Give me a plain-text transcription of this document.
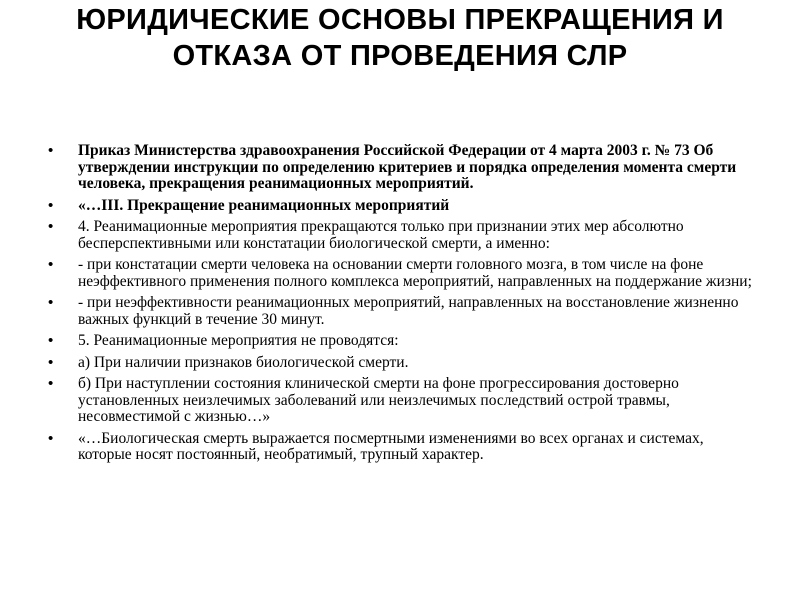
ЮРИДИЧЕСКИЕ ОСНОВЫ ПРЕКРАЩЕНИЯ И
ОТКАЗА ОТ ПРОВЕДЕНИЯ СЛР
• Приказ Министерства здравоохранения Российской Федерации от 4 марта 2003 г. № 73 Об утверждении инструкции по определению критериев и порядка определения момента смерти человека, прекращения реанимационных мероприятий.
• «…III. Прекращение реанимационных мероприятий
• 4. Реанимационные мероприятия прекращаются только при признании этих мер абсолютно бесперспективными или констатации биологической смерти, а именно:
• - при констатации смерти человека на основании смерти головного мозга, в том числе на фоне неэффективного применения полного комплекса мероприятий, направленных на поддержание жизни;
• - при неэффективности реанимационных мероприятий, направленных на восстановление жизненно важных функций в течение 30 минут.
• 5. Реанимационные мероприятия не проводятся:
• а) При наличии признаков биологической смерти.
• б) При наступлении состояния клинической смерти на фоне прогрессирования достоверно установленных неизлечимых заболеваний или неизлечимых последствий острой травмы, несовместимой с жизнью…»
• «…Биологическая смерть выражается посмертными изменениями во всех органах и системах, которые носят постоянный, необратимый, трупный характер.
